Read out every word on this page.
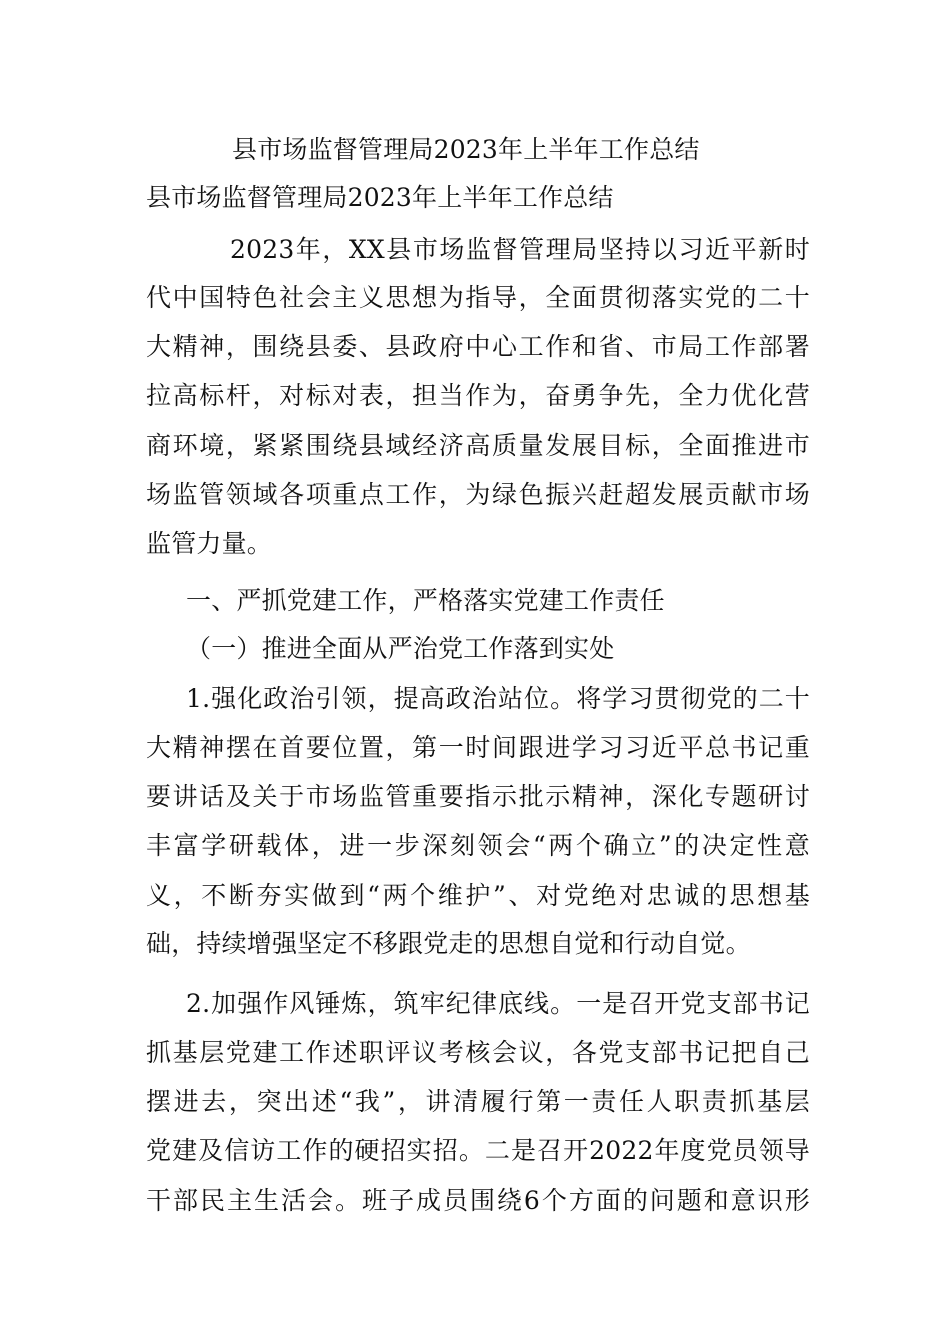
县市场监督管理局2023年上半年工作总结
县市场监督管理局2023年上半年工作总结
2023年，XX县市场监督管理局坚持以习近平新时
代中国特色社会主义思想为指导，全面贯彻落实党的二十
大精神，围绕县委、县政府中心工作和省、市局工作部署
拉高标杆，对标对表，担当作为，奋勇争先，全力优化营
商环境，紧紧围绕县域经济高质量发展目标，全面推进市
场监管领域各项重点工作，为绿色振兴赶超发展贡献市场
监管力量。
一、严抓党建工作，严格落实党建工作责任
（一）推进全面从严治党工作落到实处
1.强化政治引领，提高政治站位。将学习贯彻党的二十
大精神摆在首要位置，第一时间跟进学习习近平总书记重
要讲话及关于市场监管重要指示批示精神，深化专题研讨
丰富学研载体，进一步深刻领会“两个确立”的决定性意
义，不断夯实做到“两个维护”、对党绝对忠诚的思想基
础，持续增强坚定不移跟党走的思想自觉和行动自觉。
2.加强作风锤炼，筑牢纪律底线。一是召开党支部书记
抓基层党建工作述职评议考核会议，各党支部书记把自己
摆进去，突出述“我”，讲清履行第一责任人职责抓基层
党建及信访工作的硬招实招。二是召开2022年度党员领导
干部民主生活会。班子成员围绕6个方面的问题和意识形
